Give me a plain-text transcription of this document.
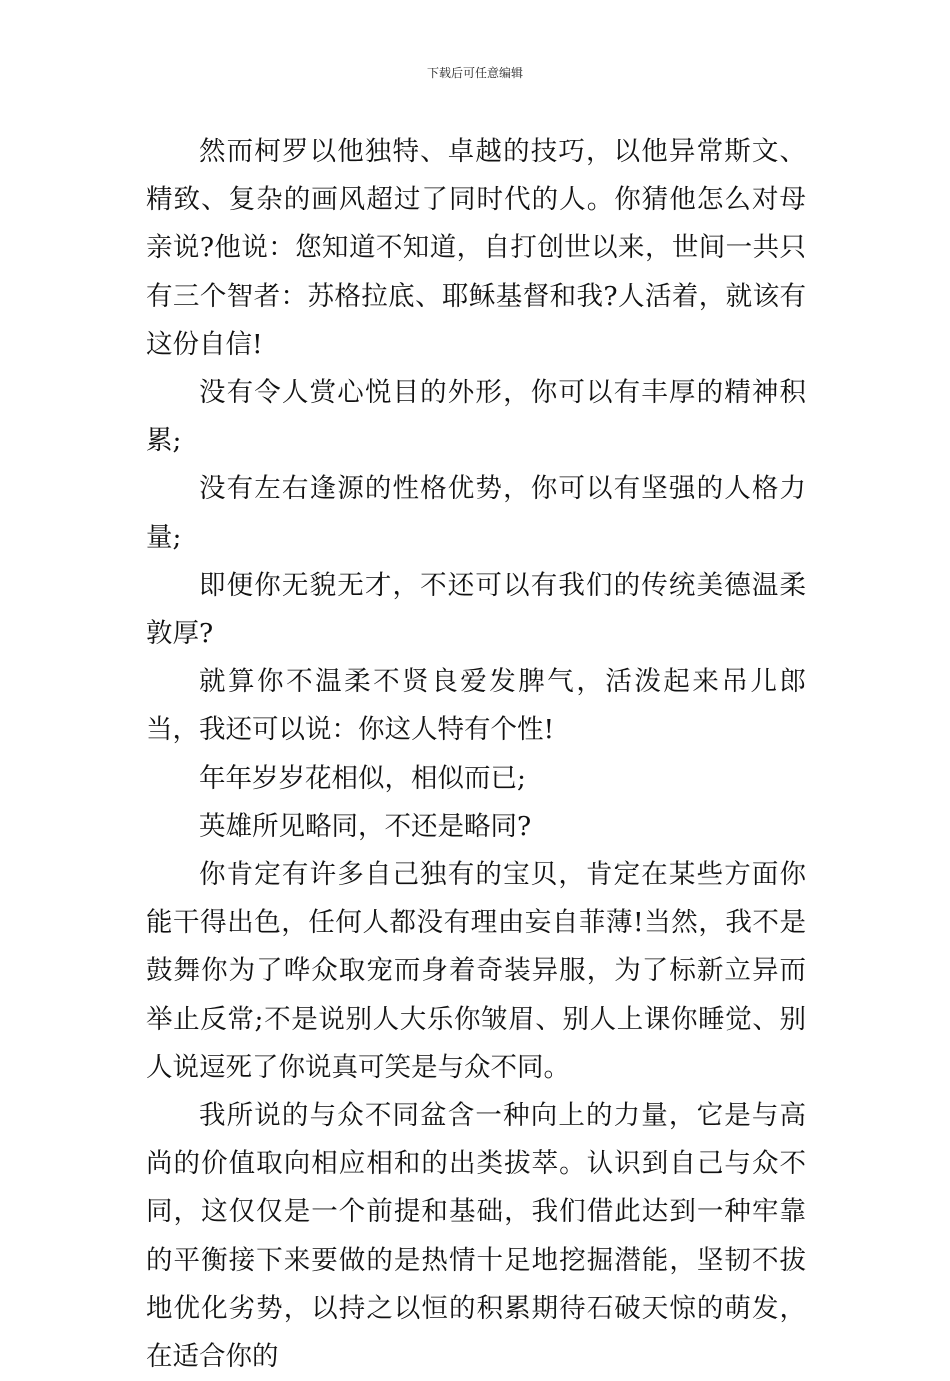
下载后可任意编辑

然而柯罗以他独特、卓越的技巧，以他异常斯文、精致、复杂的画风超过了同时代的人。你猜他怎么对母亲说?他说：您知道不知道，自打创世以来，世间一共只有三个智者：苏格拉底、耶稣基督和我?人活着，就该有这份自信!

没有令人赏心悦目的外形，你可以有丰厚的精神积累;

没有左右逢源的性格优势，你可以有坚强的人格力量;

即便你无貌无才，不还可以有我们的传统美德温柔敦厚?

就算你不温柔不贤良爱发脾气，活泼起来吊儿郎当，我还可以说：你这人特有个性!

年年岁岁花相似，相似而已;

英雄所见略同，不还是略同?

你肯定有许多自己独有的宝贝，肯定在某些方面你能干得出色，任何人都没有理由妄自菲薄!当然，我不是鼓舞你为了哗众取宠而身着奇装异服，为了标新立异而举止反常;不是说别人大乐你皱眉、别人上课你睡觉、别人说逗死了你说真可笑是与众不同。

我所说的与众不同盆含一种向上的力量，它是与高尚的价值取向相应相和的出类拔萃。认识到自己与众不同，这仅仅是一个前提和基础，我们借此达到一种牢靠的平衡接下来要做的是热情十足地挖掘潜能，坚韧不拔地优化劣势，以持之以恒的积累期待石破天惊的萌发，在适合你的
